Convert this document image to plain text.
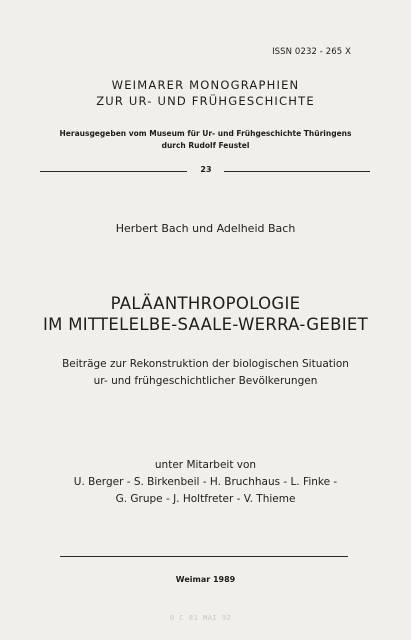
ISSN 0232 - 265 X
WEIMARER MONOGRAPHIEN
ZUR UR- UND FRÜHGESCHICHTE
Herausgegeben vom Museum für Ur- und Frühgeschichte Thüringens
durch Rudolf Feustel
23
Herbert Bach und Adelheid Bach
PALÄANTHROPOLOGIE
IM MITTELELBE-SAALE-WERRA-GEBIET
Beiträge zur Rekonstruktion der biologischen Situation
ur- und frühgeschichtlicher Bevölkerungen
unter Mitarbeit von
U. Berger - S. Birkenbeil - H. Bruchhaus - L. Finke -
G. Grupe - J. Holtfreter - V. Thieme
Weimar 1989
0 C 81 MAI 92
